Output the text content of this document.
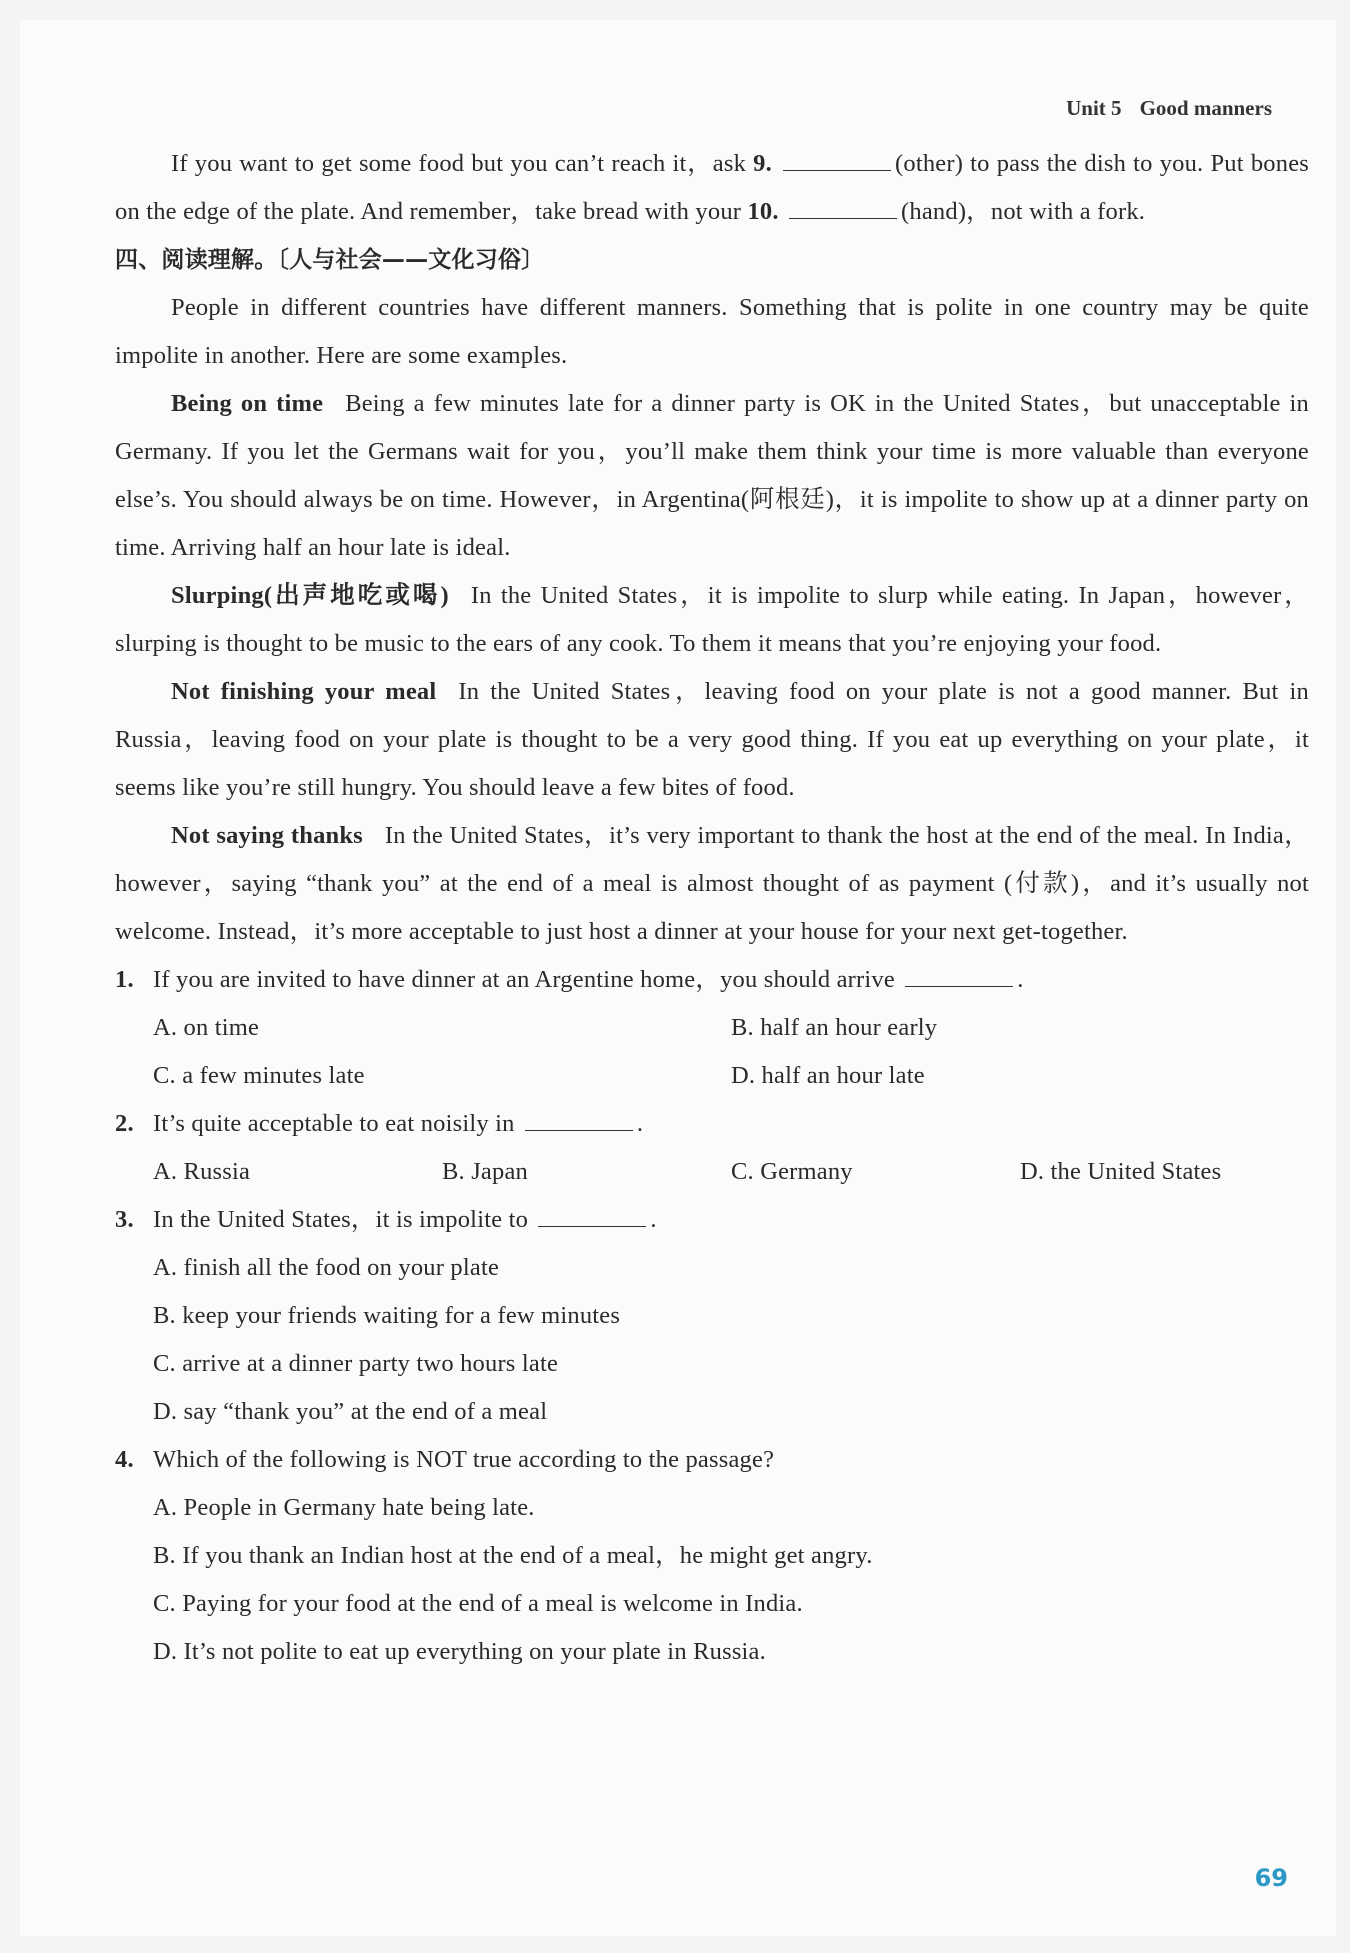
Unit 5 Good manners

If you want to get some food but you can’t reach it，ask 9.	(other) to pass the dish to you. Put bones on the edge of the plate. And remember，take bread with your 10.	(hand)，not with a fork.

四、阅读理解。〔人与社会——文化习俗〕

People in different countries have different manners. Something that is polite in one country may be quite impolite in another. Here are some examples.

Being on time Being a few minutes late for a dinner party is OK in the United States，but unacceptable in Germany. If you let the Germans wait for you，you’ll make them think your time is more valuable than everyone else’s. You should always be on time. However，in Argentina(阿根廷)，it is impolite to show up at a dinner party on time. Arriving half an hour late is ideal.

Slurping(出声地吃或喝) In the United States，it is impolite to slurp while eating. In Japan，however，slurping is thought to be music to the ears of any cook. To them it means that you’re enjoying your food.

Not finishing your meal In the United States，leaving food on your plate is not a good manner. But in Russia，leaving food on your plate is thought to be a very good thing. If you eat up everything on your plate，it seems like you’re still hungry. You should leave a few bites of food.

Not saying thanks In the United States，it’s very important to thank the host at the end of the meal. In India，however，saying “thank you” at the end of a meal is almost thought of as payment (付款)，and it’s usually not welcome. Instead，it’s more acceptable to just host a dinner at your house for your next get-together.

1. If you are invited to have dinner at an Argentine home，you should arrive	.
A. on time	B. half an hour early
C. a few minutes late	D. half an hour late
2. It’s quite acceptable to eat noisily in	.
A. Russia	B. Japan	C. Germany	D. the United States
3. In the United States，it is impolite to	.
A. finish all the food on your plate
B. keep your friends waiting for a few minutes
C. arrive at a dinner party two hours late
D. say “thank you” at the end of a meal
4. Which of the following is NOT true according to the passage?
A. People in Germany hate being late.
B. If you thank an Indian host at the end of a meal，he might get angry.
C. Paying for your food at the end of a meal is welcome in India.
D. It’s not polite to eat up everything on your plate in Russia.
69
